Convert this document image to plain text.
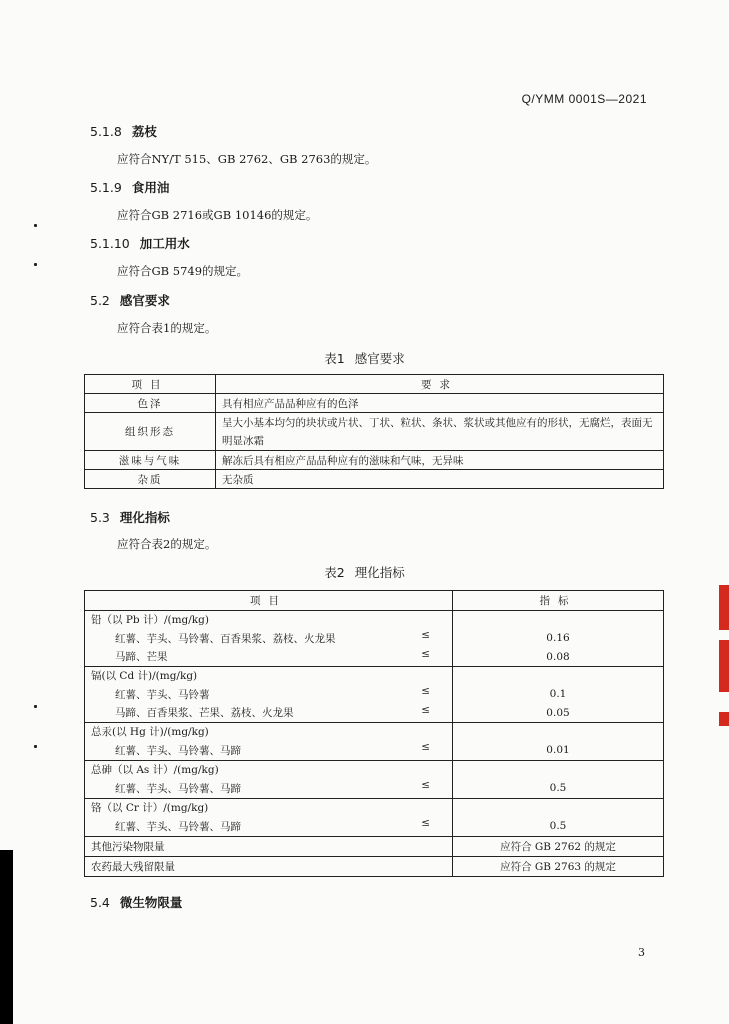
Q/YMM 0001S—2021
5.1.8 荔枝
应符合NY/T 515、GB 2762、GB 2763的规定。
5.1.9 食用油
应符合GB 2716或GB 10146的规定。
5.1.10 加工用水
应符合GB 5749的规定。
5.2 感官要求
应符合表1的规定。
表1 感官要求
项目	要求
色泽	具有相应产品品种应有的色泽
组织形态	呈大小基本均匀的块状或片状、丁状、粒状、条状、浆状或其他应有的形状，无腐烂，表面无明显冰霜
滋味与气味	解冻后具有相应产品品种应有的滋味和气味，无异味
杂质	无杂质
5.3 理化指标
应符合表2的规定。
表2 理化指标
项目	指标
铅（以 Pb 计）/(mg/kg)	
红薯、芋头、马铃薯、百香果浆、荔枝、火龙果 ≤	0.16
马蹄、芒果 ≤	0.08
镉(以 Cd 计)/(mg/kg)	
红薯、芋头、马铃薯 ≤	0.1
马蹄、百香果浆、芒果、荔枝、火龙果 ≤	0.05
总汞(以 Hg 计)/(mg/kg)	
红薯、芋头、马铃薯、马蹄 ≤	0.01
总砷（以 As 计）/(mg/kg)	
红薯、芋头、马铃薯、马蹄 ≤	0.5
铬（以 Cr 计）/(mg/kg)	
红薯、芋头、马铃薯、马蹄 ≤	0.5
其他污染物限量	应符合 GB 2762 的规定
农药最大残留限量	应符合 GB 2763 的规定
5.4 微生物限量
3
